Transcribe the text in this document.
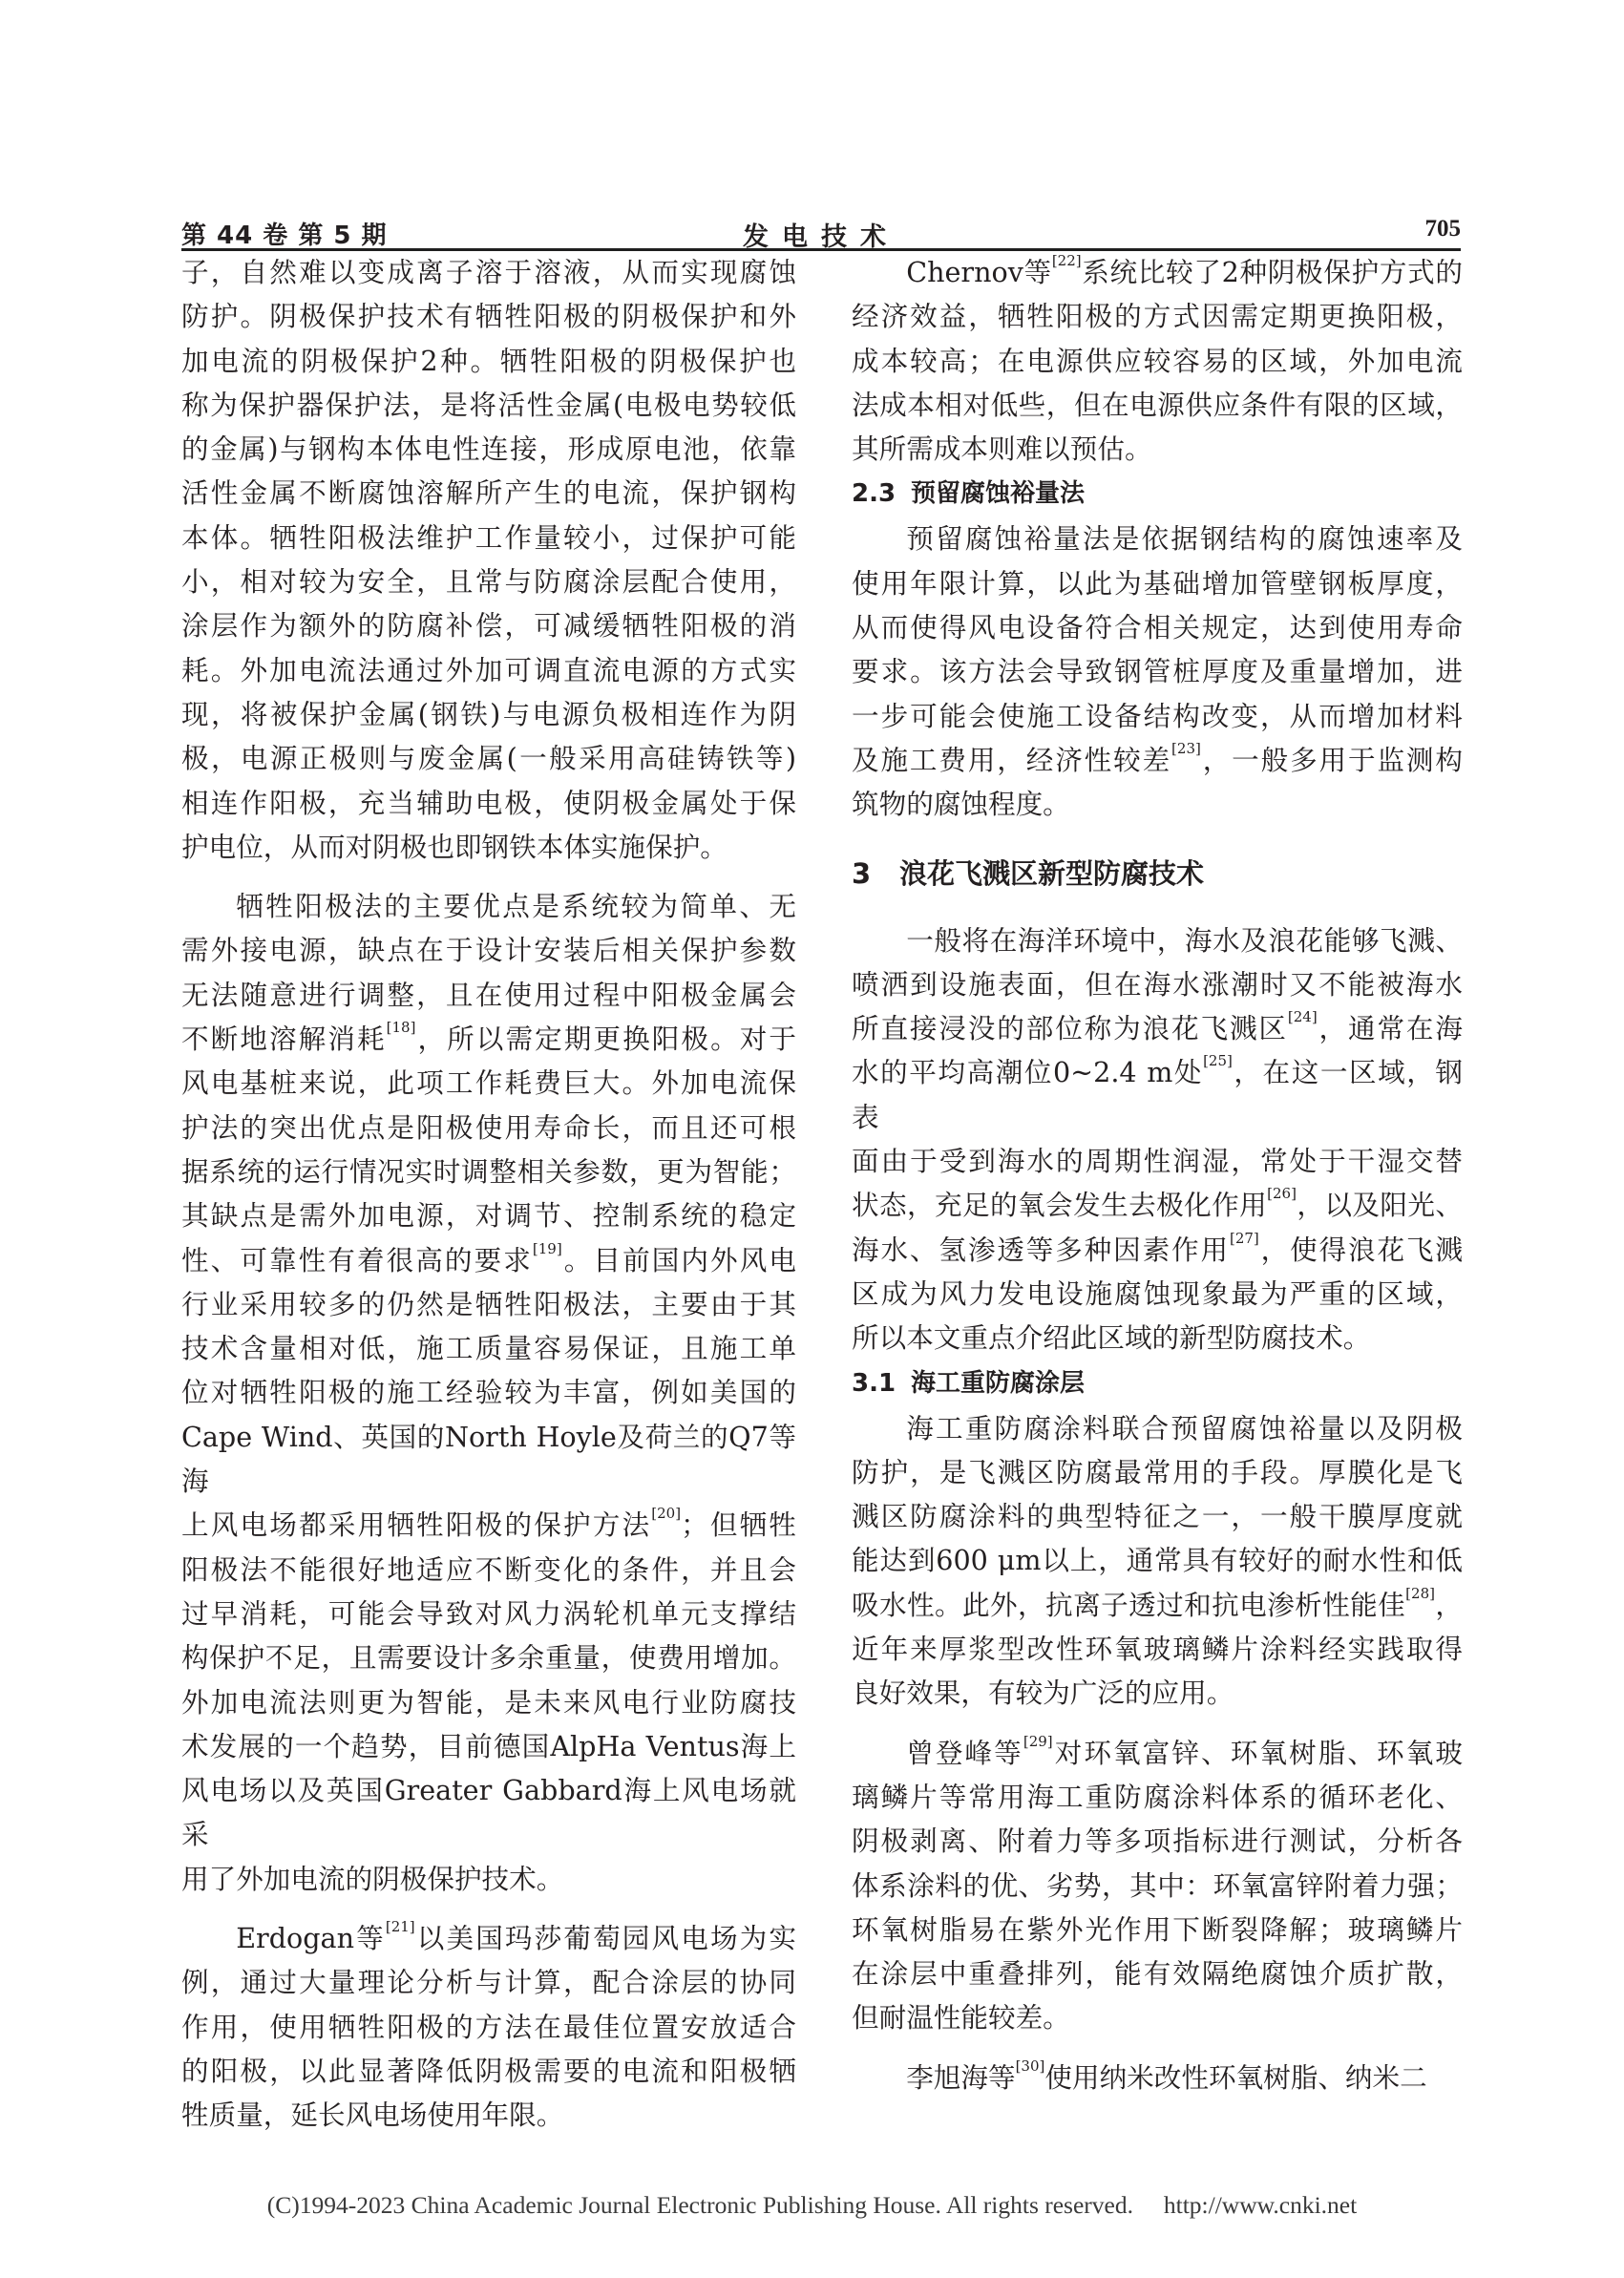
第 44 卷 第 5 期	发电技术	705

子，自然难以变成离子溶于溶液，从而实现腐蚀

防护。阴极保护技术有牺牲阳极的阴极保护和外

加电流的阴极保护2种。牺牲阳极的阴极保护也

称为保护器保护法，是将活性金属(电极电势较低

的金属)与钢构本体电性连接，形成原电池，依靠

活性金属不断腐蚀溶解所产生的电流，保护钢构

本体。牺牲阳极法维护工作量较小，过保护可能

小，相对较为安全，且常与防腐涂层配合使用，

涂层作为额外的防腐补偿，可减缓牺牲阳极的消

耗。外加电流法通过外加可调直流电源的方式实

现，将被保护金属(钢铁)与电源负极相连作为阴

极，电源正极则与废金属(一般采用高硅铸铁等)

相连作阳极，充当辅助电极，使阴极金属处于保

护电位，从而对阴极也即钢铁本体实施保护。

牺牲阳极法的主要优点是系统较为简单、无

需外接电源，缺点在于设计安装后相关保护参数

无法随意进行调整，且在使用过程中阳极金属会

不断地溶解消耗[18]，所以需定期更换阳极。对于

风电基桩来说，此项工作耗费巨大。外加电流保

护法的突出优点是阳极使用寿命长，而且还可根

据系统的运行情况实时调整相关参数，更为智能；

其缺点是需外加电源，对调节、控制系统的稳定

性、可靠性有着很高的要求[19]。目前国内外风电

行业采用较多的仍然是牺牲阳极法，主要由于其

技术含量相对低，施工质量容易保证，且施工单

位对牺牲阳极的施工经验较为丰富，例如美国的

Cape Wind、英国的North Hoyle及荷兰的Q7等海

上风电场都采用牺牲阳极的保护方法[20]；但牺牲

阳极法不能很好地适应不断变化的条件，并且会

过早消耗，可能会导致对风力涡轮机单元支撑结

构保护不足，且需要设计多余重量，使费用增加。

外加电流法则更为智能，是未来风电行业防腐技

术发展的一个趋势，目前德国AlpHa Ventus海上

风电场以及英国Greater Gabbard海上风电场就采

用了外加电流的阴极保护技术。

Erdogan等[21]以美国玛莎葡萄园风电场为实

例，通过大量理论分析与计算，配合涂层的协同

作用，使用牺牲阳极的方法在最佳位置安放适合

的阳极，以此显著降低阴极需要的电流和阳极牺

牲质量，延长风电场使用年限。

Chernov等[22]系统比较了2种阴极保护方式的

经济效益，牺牲阳极的方式因需定期更换阳极，

成本较高；在电源供应较容易的区域，外加电流

法成本相对低些，但在电源供应条件有限的区域，

其所需成本则难以预估。

2.3 预留腐蚀裕量法

预留腐蚀裕量法是依据钢结构的腐蚀速率及

使用年限计算，以此为基础增加管壁钢板厚度，

从而使得风电设备符合相关规定，达到使用寿命

要求。该方法会导致钢管桩厚度及重量增加，进

一步可能会使施工设备结构改变，从而增加材料

及施工费用，经济性较差[23]，一般多用于监测构

筑物的腐蚀程度。

3 浪花飞溅区新型防腐技术

一般将在海洋环境中，海水及浪花能够飞溅、

喷洒到设施表面，但在海水涨潮时又不能被海水

所直接浸没的部位称为浪花飞溅区[24]，通常在海

水的平均高潮位0~2.4 m处[25]，在这一区域，钢表

面由于受到海水的周期性润湿，常处于干湿交替

状态，充足的氧会发生去极化作用[26]，以及阳光、

海水、氢渗透等多种因素作用[27]，使得浪花飞溅

区成为风力发电设施腐蚀现象最为严重的区域，

所以本文重点介绍此区域的新型防腐技术。

3.1 海工重防腐涂层

海工重防腐涂料联合预留腐蚀裕量以及阴极

防护，是飞溅区防腐最常用的手段。厚膜化是飞

溅区防腐涂料的典型特征之一，一般干膜厚度就

能达到600 μm以上，通常具有较好的耐水性和低

吸水性。此外，抗离子透过和抗电渗析性能佳[28]，

近年来厚浆型改性环氧玻璃鳞片涂料经实践取得

良好效果，有较为广泛的应用。

曾登峰等[29]对环氧富锌、环氧树脂、环氧玻

璃鳞片等常用海工重防腐涂料体系的循环老化、

阴极剥离、附着力等多项指标进行测试，分析各

体系涂料的优、劣势，其中：环氧富锌附着力强；

环氧树脂易在紫外光作用下断裂降解；玻璃鳞片

在涂层中重叠排列，能有效隔绝腐蚀介质扩散，

但耐温性能较差。

李旭海等[30]使用纳米改性环氧树脂、纳米二

(C)1994-2023 China Academic Journal Electronic Publishing House. All rights reserved. http://www.cnki.net
